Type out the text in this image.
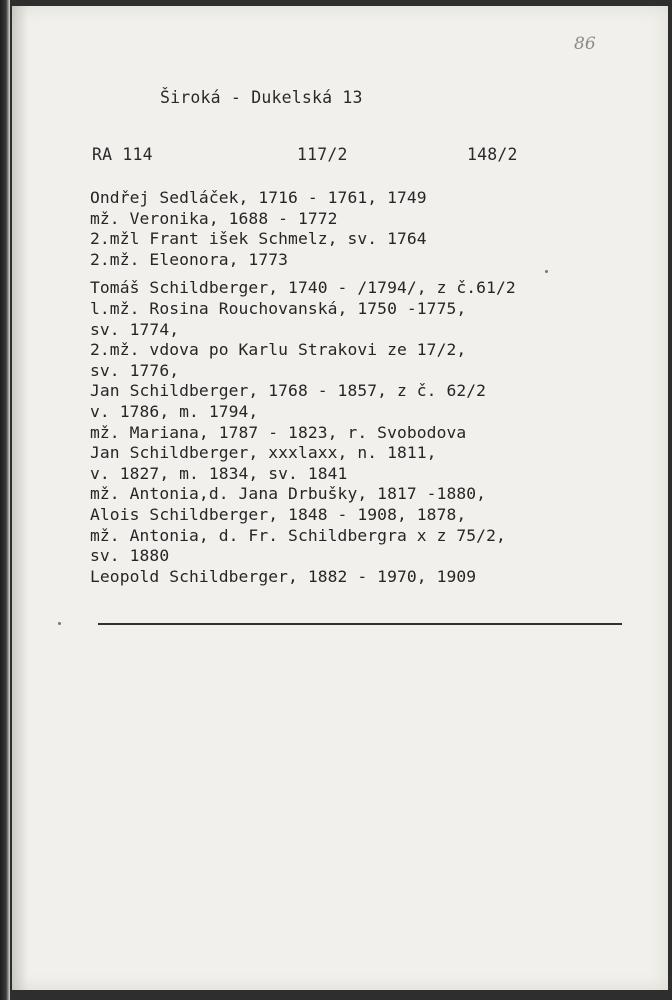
86
Široká - Dukelská 13
RA 114	117/2	148/2
Ondřej Sedláček, 1716 - 1761, 1749
mž. Veronika, 1688 - 1772
2.mžl Frant išek Schmelz, sv. 1764
2.mž. Eleonora, 1773
Tomáš Schildberger, 1740 - /1794/, z č.61/2
l.mž. Rosina Rouchovanská, 1750 -1775,
sv. 1774,
2.mž. vdova po Karlu Strakovi ze 17/2,
sv. 1776,
Jan Schildberger, 1768 - 1857, z č. 62/2
v. 1786, m. 1794,
mž. Mariana, 1787 - 1823, r. Svobodova
Jan Schildberger, xxxlaxx, n. 1811,
v. 1827, m. 1834, sv. 1841
mž. Antonia,d. Jana Drbušky, 1817 -1880,
Alois Schildberger, 1848 - 1908, 1878,
mž. Antonia, d. Fr. Schildbergra x z 75/2,
sv. 1880
Leopold Schildberger, 1882 - 1970, 1909
